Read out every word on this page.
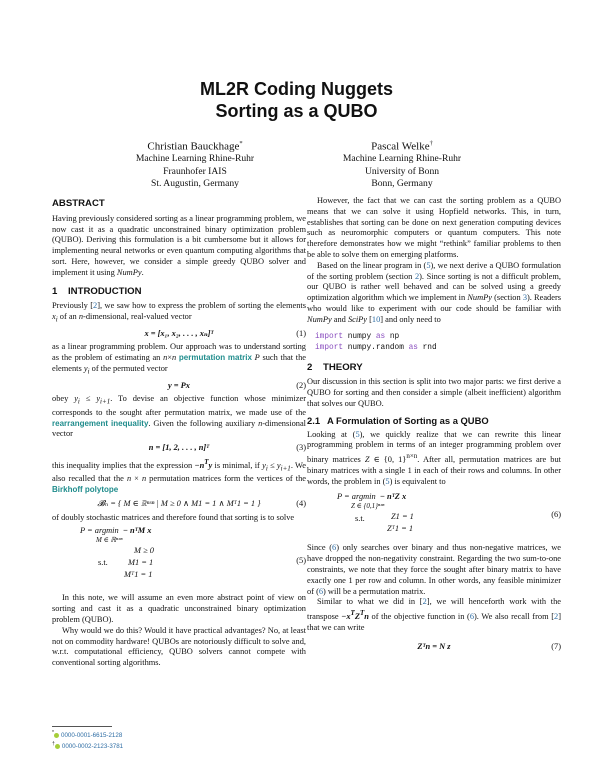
ML2R Coding Nuggets
Sorting as a QUBO
Christian Bauckhage*
Machine Learning Rhine-Ruhr
Fraunhofer IAIS
St. Augustin, Germany
Pascal Welke†
Machine Learning Rhine-Ruhr
University of Bonn
Bonn, Germany
ABSTRACT

Having previously considered sorting as a linear programming problem, we now cast it as a quadratic unconstrained binary optimization problem (QUBO). Deriving this formulation is a bit cumbersome but it allows for implementing neural networks or even quantum computing algorithms that sort. Here, however, we consider a simple greedy QUBO solver and implement it using NumPy.

1 INTRODUCTION

Previously [2], we saw how to express the problem of sorting the elements $x_i$ of an n-dimensional, real-valued vector

x = [x₁, x₂, . . . , xₙ]ᵀ	(1)

as a linear programming problem. Our approach was to understand sorting as the problem of estimating an n×n permutation matrix P such that the elements $y_i$ of the permuted vector

y = Px	(2)

obey $y_i \le y_{i+1}$. To devise an objective function whose minimizer corresponds to the sought after permutation matrix, we made use of the rearrangement inequality. Given the following auxiliary n-dimensional vector

n = [1, 2, . . . , n]ᵀ	(3)

this inequality implies that the expression $-n^Ty$ is minimal, if $y_i \le y_{i+1}$. We also recalled that the n × n permutation matrices form the vertices of the Birkhoff polytope

𝓑ₙ = { M ∈ ℝⁿˣⁿ | M ≥ 0 ∧ M1 = 1 ∧ Mᵀ1 = 1 }	(4)

of doubly stochastic matrices and therefore found that sorting is to solve

P = argmin − nᵀM x
M ∈ ℝⁿˣⁿ
M ≥ 0
s.t. M1 = 1
Mᵀ1 = 1
(5)

In this note, we will assume an even more abstract point of view on sorting and cast it as a quadratic unconstrained binary optimization problem (QUBO).

Why would we do this? Would it have practical advantages? No, at least not on commodity hardware! QUBOs are notoriously difficult to solve and, w.r.t. computational efficiency, QUBO solvers cannot compete with conventional sorting algorithms.

* 0000-0001-6615-2128
† 0000-0002-2123-3781

However, the fact that we can cast the sorting problem as a QUBO means that we can solve it using Hopfield networks. This, in turn, establishes that sorting can be done on next generation computing devices such as neuromorphic computers or quantum computers. This note therefore demonstrates how we might “rethink” familiar problems to then be able to solve them on emerging platforms.

Based on the linear program in (5), we next derive a QUBO formulation of the sorting problem (section 2). Since sorting is not a difficult problem, our QUBO is rather well behaved and can be solved using a greedy optimization algorithm which we implement in NumPy (section 3). Readers who would like to experiment with our code should be familiar with NumPy and SciPy [10] and only need to

import numpy as np
import numpy.random as rnd
2 THEORY

Our discussion in this section is split into two major parts: we first derive a QUBO for sorting and then consider a simple (albeit inefficient) algorithm that solves our QUBO.

2.1 A Formulation of Sorting as a QUBO

Looking at (5), we quickly realize that we can rewrite this linear programming problem in terms of an integer programming problem over binary matrices Z ∈ {0, 1}$^{n\times n}$. After all, permutation matrices are but binary matrices with a single 1 in each of their rows and columns. In other words, the problem in (5) is equivalent to

P = argmin − nᵀZ x
Z ∈ {0,1}ⁿˣⁿ
s.t.	Z1 = 1
Zᵀ1 = 1
(6)

Since (6) only searches over binary and thus non-negative matrices, we have dropped the non-negativity constraint. Regarding the two sum-to-one constraints, we note that they force the sought after binary matrix to have exactly one 1 per row and column. In other words, any feasible minimizer of (6) will be a permutation matrix.

Similar to what we did in [2], we will henceforth work with the transpose $-x^TZ^Tn$ of the objective function in (6). We also recall from [2] that we can write

Zᵀn = N z	(7)
